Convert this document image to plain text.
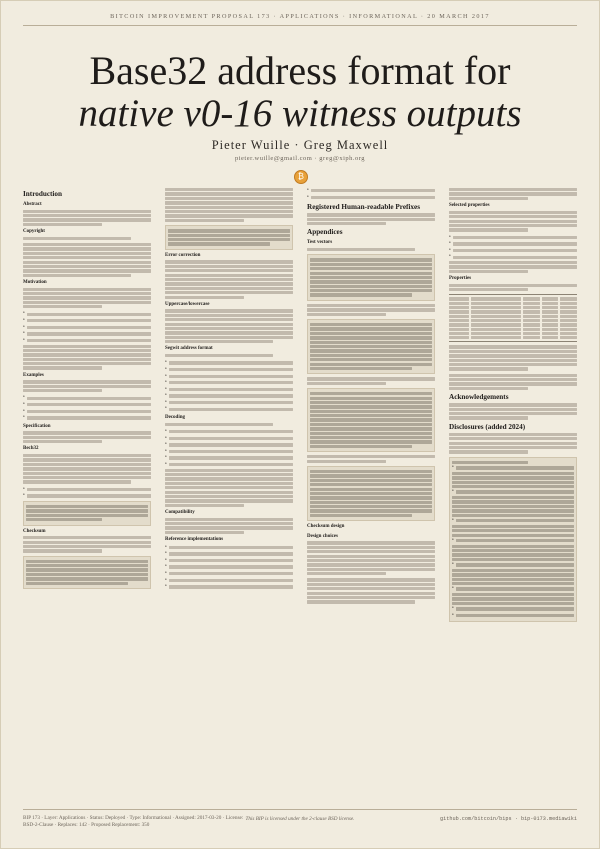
BITCOIN IMPROVEMENT PROPOSAL 173 · APPLICATIONS · INFORMATIONAL · 20 MARCH 2017
Base32 address format for
native v0-16 witness outputs
Pieter Wuille · Greg Maxwell
pieter.wuille@gmail.com · greg@xiph.org
₿
Introduction
Abstract
Copyright
Motivation
•
•
•
•
•
Examples
•
•
•
•
Specification
Bech32
•
•
Checksum
Error correction
Uppercase/lowercase
Segwit address format
•
•
•
•
•
•
•
•
Decoding
•
•
•
•
•
•
Compatibility
Reference implementations
•
•
•
•
•
•
•
•
•
Registered Human-readable Prefixes
Appendices
Test vectors
Checksum design
Design choices
Selected properties
•
•
•
•
Properties
Acknowledgements
Disclosures (added 2024)
•
•
•
•
•
•
•
•
BIP 173 · Layer: Applications · Status: Deployed · Type: Informational · Assigned: 2017-03-20 · License: BSD-2-Clause · Replaces: 142 · Proposed Replacement: 350
This BIP is licensed under the 2-clause BSD license.	github.com/bitcoin/bips · bip-0173.mediawiki
